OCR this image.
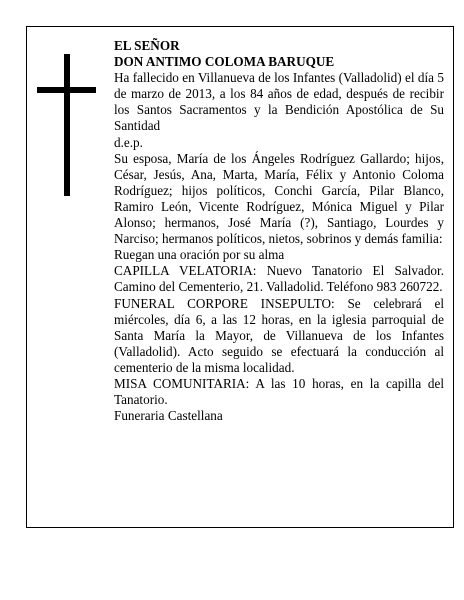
EL SEÑOR

DON ANTIMO COLOMA BARUQUE

Ha fallecido en Villanueva de los Infantes (Valladolid) el día 5 de marzo de 2013, a los 84 años de edad, después de recibir los Santos Sacramentos y la Bendición Apostólica de Su Santidad

d.e.p.

Su esposa, María de los Ángeles Rodríguez Gallardo; hijos, César, Jesús, Ana, Marta, María, Félix y Antonio Coloma Rodríguez; hijos políticos, Conchi García, Pilar Blanco, Ramiro León, Vicente Rodríguez, Mónica Miguel y Pilar Alonso; hermanos, José María (?), Santiago, Lourdes y Narciso; hermanos políticos, nietos, sobrinos y demás familia:

Ruegan una oración por su alma

CAPILLA VELATORIA: Nuevo Tanatorio El Salvador. Camino del Cementerio, 21. Valladolid. Teléfono 983 260722.

FUNERAL CORPORE INSEPULTO: Se celebrará el miércoles, día 6, a las 12 horas, en la iglesia parroquial de Santa María la Mayor, de Villanueva de los Infantes (Valladolid). Acto seguido se efectuará la conducción al cementerio de la misma localidad.

MISA COMUNITARIA: A las 10 horas, en la capilla del Tanatorio.

Funeraria Castellana
